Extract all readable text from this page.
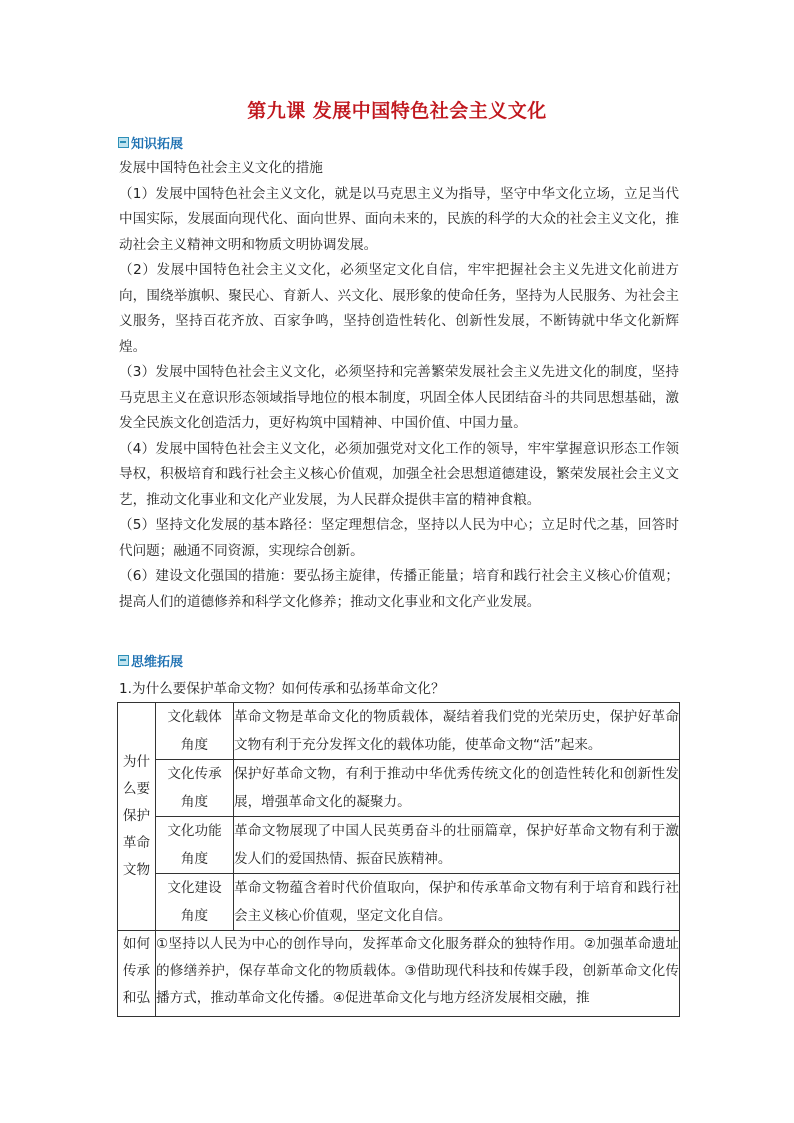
第九课 发展中国特色社会主义文化
知识拓展
发展中国特色社会主义文化的措施
（1）发展中国特色社会主义文化，就是以马克思主义为指导，坚守中华文化立场，立足当代中国实际，发展面向现代化、面向世界、面向未来的，民族的科学的大众的社会主义文化，推动社会主义精神文明和物质文明协调发展。
（2）发展中国特色社会主义文化，必须坚定文化自信，牢牢把握社会主义先进文化前进方向，围绕举旗帜、聚民心、育新人、兴文化、展形象的使命任务，坚持为人民服务、为社会主义服务，坚持百花齐放、百家争鸣，坚持创造性转化、创新性发展，不断铸就中华文化新辉煌。
（3）发展中国特色社会主义文化，必须坚持和完善繁荣发展社会主义先进文化的制度，坚持马克思主义在意识形态领域指导地位的根本制度，巩固全体人民团结奋斗的共同思想基础，激发全民族文化创造活力，更好构筑中国精神、中国价值、中国力量。
（4）发展中国特色社会主义文化，必须加强党对文化工作的领导，牢牢掌握意识形态工作领导权，积极培育和践行社会主义核心价值观，加强全社会思想道德建设，繁荣发展社会主义文艺，推动文化事业和文化产业发展，为人民群众提供丰富的精神食粮。
（5）坚持文化发展的基本路径：坚定理想信念，坚持以人民为中心；立足时代之基，回答时代问题；融通不同资源，实现综合创新。
（6）建设文化强国的措施：要弘扬主旋律，传播正能量；培育和践行社会主义核心价值观；提高人们的道德修养和科学文化修养；推动文化事业和文化产业发展。
思维拓展
1.为什么要保护革命文物？如何传承和弘扬革命文化？
为什么要保护革命文物	文化载体角度	革命文物是革命文化的物质载体，凝结着我们党的光荣历史，保护好革命文物有利于充分发挥文化的载体功能，使革命文物“活”起来。

	文化传承角度	保护好革命文物，有利于推动中华优秀传统文化的创造性转化和创新性发展，增强革命文化的凝聚力。

	文化功能角度	革命文物展现了中国人民英勇奋斗的壮丽篇章，保护好革命文物有利于激发人们的爱国热情、振奋民族精神。

	文化建设角度	革命文物蕴含着时代价值取向，保护和传承革命文物有利于培育和践行社会主义核心价值观，坚定文化自信。

如何传承和弘	①坚持以人民为中心的创作导向，发挥革命文化服务群众的独特作用。②加强革命遗址的修缮养护，保存革命文化的物质载体。③借助现代科技和传媒手段，创新革命文化传播方式，推动革命文化传播。④促进革命文化与地方经济发展相交融，推	
